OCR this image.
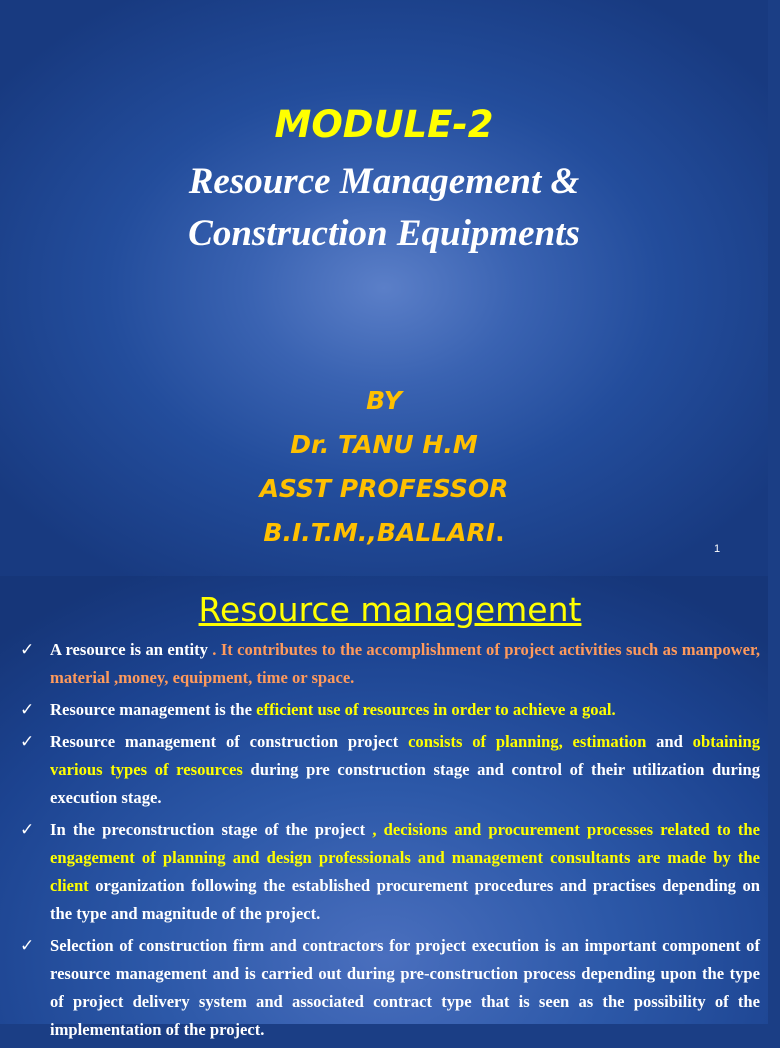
MODULE-2
Resource Management &
Construction Equipments
BY
Dr. TANU H.M
ASST PROFESSOR
B.I.T.M.,BALLARI.
1
Resource management
✓ A resource is an entity . It contributes to the accomplishment of project activities such as manpower, material ,money, equipment, time or space.
✓ Resource management is the efficient use of resources in order to achieve a goal.
✓ Resource management of construction project consists of planning, estimation and obtaining various types of resources during pre construction stage and control of their utilization during execution stage.
✓ In the preconstruction stage of the project , decisions and procurement processes related to the engagement of planning and design professionals and management consultants are made by the client organization following the established procurement procedures and practises depending on the type and magnitude of the project.
✓ Selection of construction firm and contractors for project execution is an important component of resource management and is carried out during pre-construction process depending upon the type of project delivery system and associated contract type that is seen as the possibility of the implementation of the project.
